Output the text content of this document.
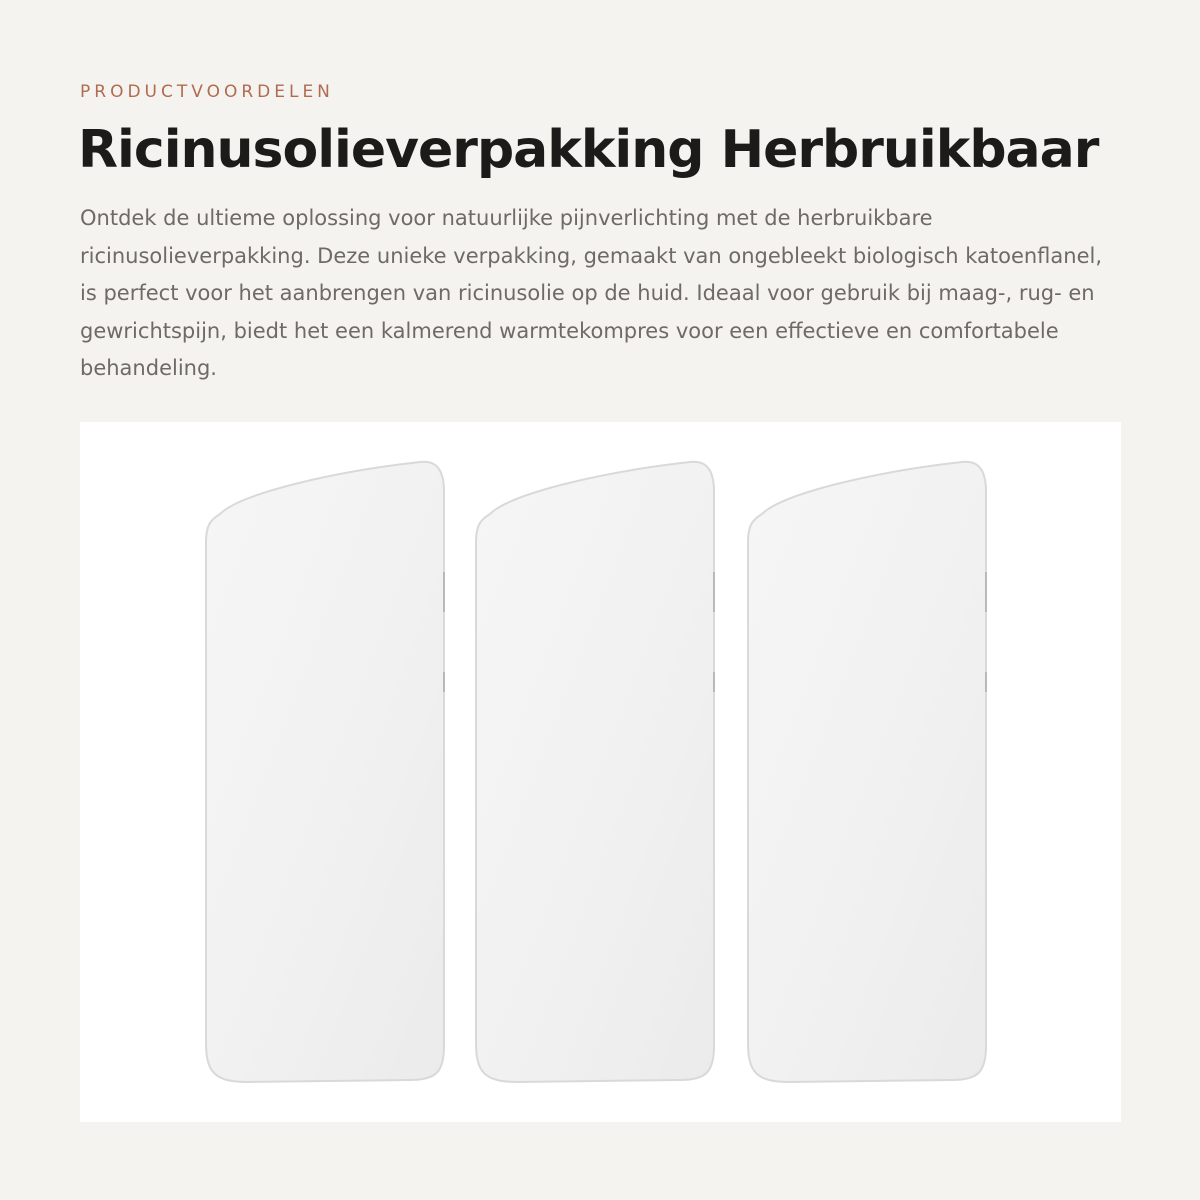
PRODUCTVOORDELEN
Ricinusolieverpakking Herbruikbaar

Ontdek de ultieme oplossing voor natuurlijke pijnverlichting met de herbruikbare ricinusolieverpakking. Deze unieke verpakking, gemaakt van ongebleekt biologisch katoenflanel, is perfect voor het aanbrengen van ricinusolie op de huid. Ideaal voor gebruik bij maag-, rug- en gewrichtspijn, biedt het een kalmerend warmtekompres voor een effectieve en comfortabele behandeling.
